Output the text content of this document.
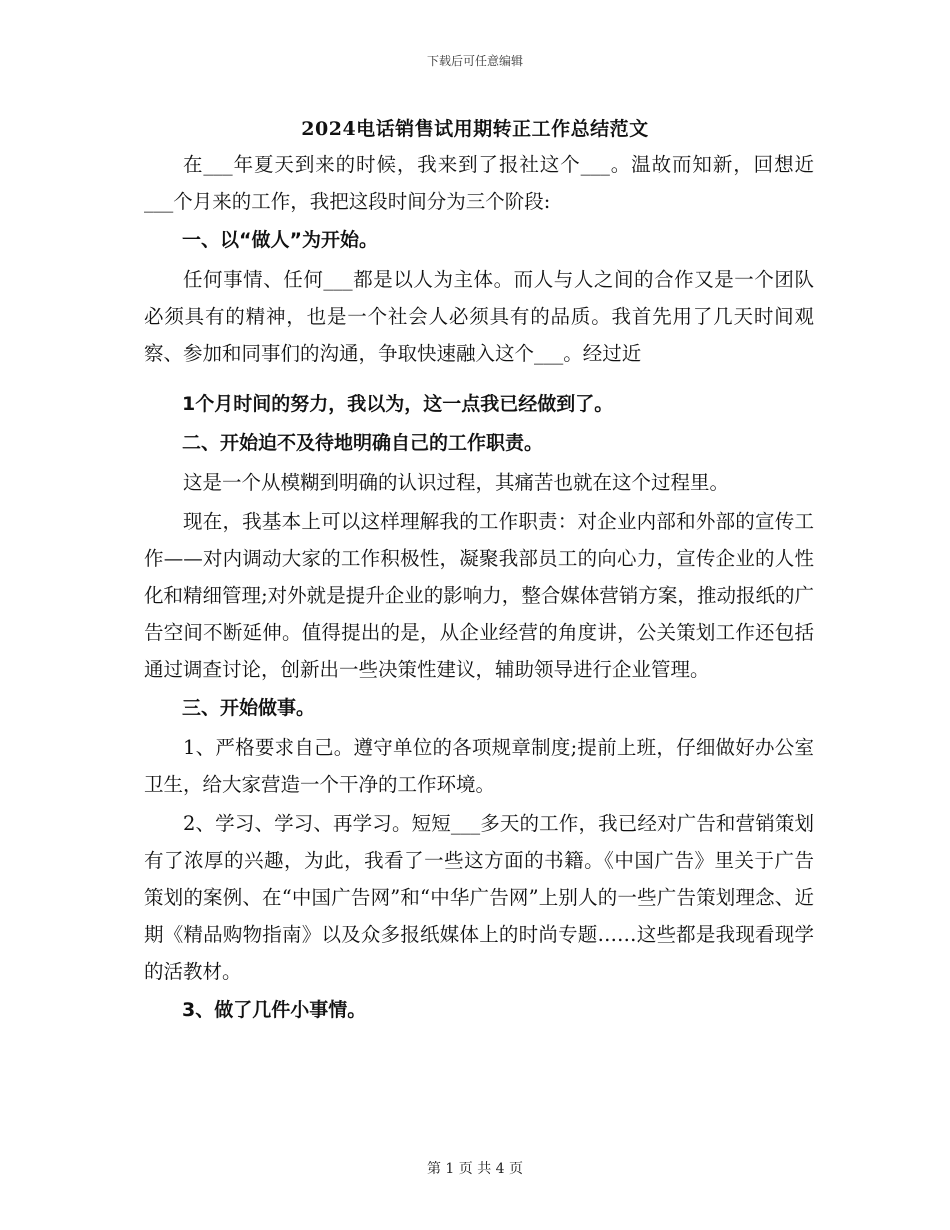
下载后可任意编辑
2024电话销售试用期转正工作总结范文

在___年夏天到来的时候，我来到了报社这个___。温故而知新，回想近___个月来的工作，我把这段时间分为三个阶段:

一、以“做人”为开始。

任何事情、任何___都是以人为主体。而人与人之间的合作又是一个团队必须具有的精神，也是一个社会人必须具有的品质。我首先用了几天时间观察、参加和同事们的沟通，争取快速融入这个___。经过近

1个月时间的努力，我以为，这一点我已经做到了。

二、开始迫不及待地明确自己的工作职责。

这是一个从模糊到明确的认识过程，其痛苦也就在这个过程里。

现在，我基本上可以这样理解我的工作职责：对企业内部和外部的宣传工作——对内调动大家的工作积极性，凝聚我部员工的向心力，宣传企业的人性化和精细管理;对外就是提升企业的影响力，整合媒体营销方案，推动报纸的广告空间不断延伸。值得提出的是，从企业经营的角度讲，公关策划工作还包括通过调查讨论，创新出一些决策性建议，辅助领导进行企业管理。

三、开始做事。

1、严格要求自己。遵守单位的各项规章制度;提前上班，仔细做好办公室卫生，给大家营造一个干净的工作环境。

2、学习、学习、再学习。短短___多天的工作，我已经对广告和营销策划有了浓厚的兴趣，为此，我看了一些这方面的书籍。《中国广告》里关于广告策划的案例、在“中国广告网”和“中华广告网”上别人的一些广告策划理念、近期《精品购物指南》以及众多报纸媒体上的时尚专题……这些都是我现看现学的活教材。

3、做了几件小事情。

第 1 页 共 4 页
